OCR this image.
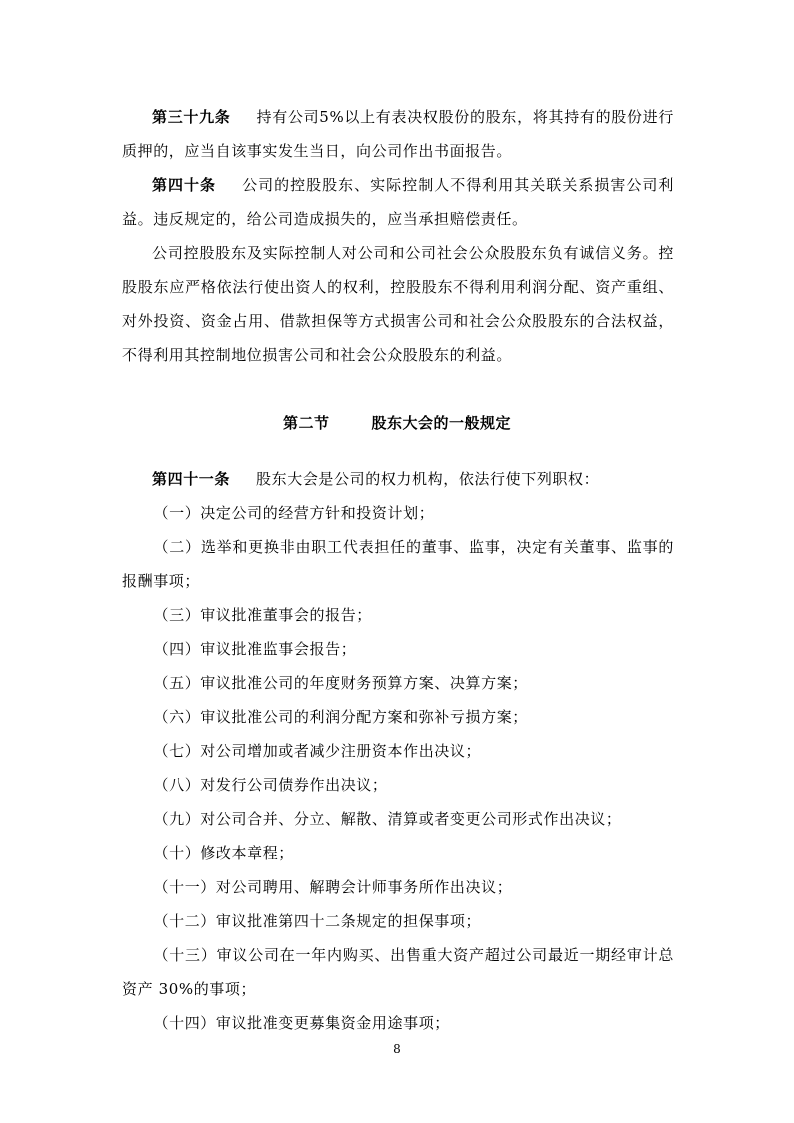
第三十九条 持有公司5%以上有表决权股份的股东，将其持有的股份进行质押的，应当自该事实发生当日，向公司作出书面报告。

第四十条 公司的控股股东、实际控制人不得利用其关联关系损害公司利益。违反规定的，给公司造成损失的，应当承担赔偿责任。

公司控股股东及实际控制人对公司和公司社会公众股股东负有诚信义务。控股股东应严格依法行使出资人的权利，控股股东不得利用利润分配、资产重组、对外投资、资金占用、借款担保等方式损害公司和社会公众股股东的合法权益，不得利用其控制地位损害公司和社会公众股股东的利益。

第二节	股东大会的一般规定

第四十一条 股东大会是公司的权力机构，依法行使下列职权：

（一）决定公司的经营方针和投资计划；

（二）选举和更换非由职工代表担任的董事、监事，决定有关董事、监事的报酬事项；

（三）审议批准董事会的报告；

（四）审议批准监事会报告；

（五）审议批准公司的年度财务预算方案、决算方案；

（六）审议批准公司的利润分配方案和弥补亏损方案；

（七）对公司增加或者减少注册资本作出决议；

（八）对发行公司债券作出决议；

（九）对公司合并、分立、解散、清算或者变更公司形式作出决议；

（十）修改本章程；

（十一）对公司聘用、解聘会计师事务所作出决议；

（十二）审议批准第四十二条规定的担保事项；

（十三）审议公司在一年内购买、出售重大资产超过公司最近一期经审计总资产 30%的事项；

（十四）审议批准变更募集资金用途事项；

8
